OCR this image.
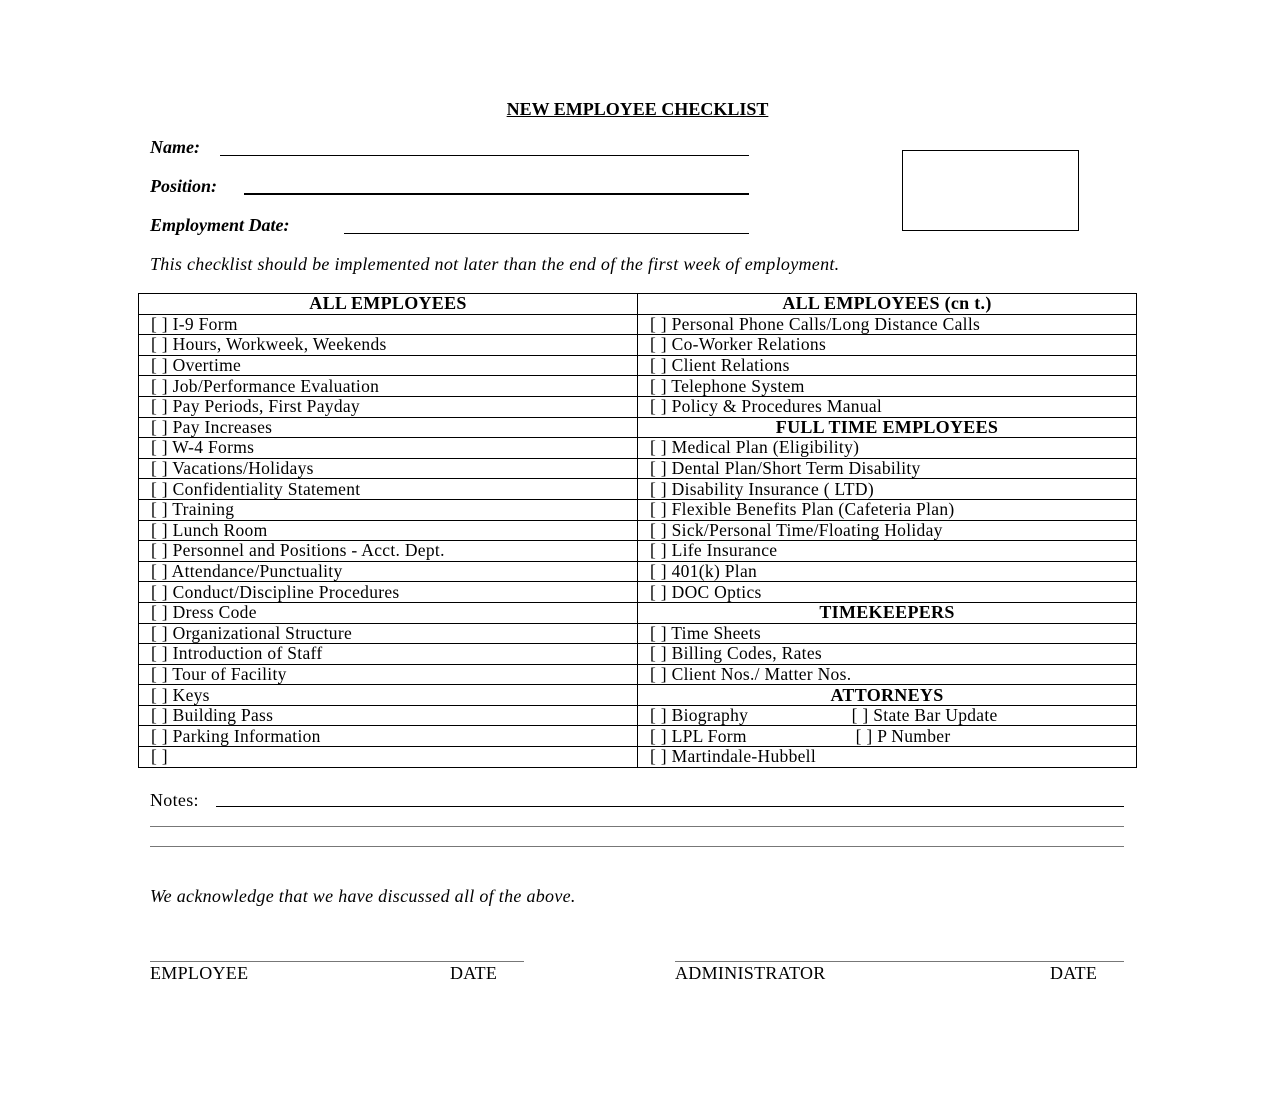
NEW EMPLOYEE CHECKLIST
Name:
Position:
Employment Date:
This checklist should be implemented not later than the end of the first week of employment.
ALL EMPLOYEES	ALL EMPLOYEES (cn t.)
[ ] I-9 Form	[ ] Personal Phone Calls/Long Distance Calls
[ ] Hours, Workweek, Weekends	[ ] Co-Worker Relations
[ ] Overtime	[ ] Client Relations
[ ] Job/Performance Evaluation	[ ] Telephone System
[ ] Pay Periods, First Payday	[ ] Policy & Procedures Manual
[ ] Pay Increases	FULL TIME EMPLOYEES
[ ] W-4 Forms	[ ] Medical Plan (Eligibility)
[ ] Vacations/Holidays	[ ] Dental Plan/Short Term Disability
[ ] Confidentiality Statement	[ ] Disability Insurance ( LTD)
[ ] Training	[ ] Flexible Benefits Plan (Cafeteria Plan)
[ ] Lunch Room	[ ] Sick/Personal Time/Floating Holiday
[ ] Personnel and Positions - Acct. Dept.	[ ] Life Insurance
[ ] Attendance/Punctuality	[ ] 401(k) Plan
[ ] Conduct/Discipline Procedures	[ ] DOC Optics
[ ] Dress Code	TIMEKEEPERS
[ ] Organizational Structure	[ ] Time Sheets
[ ] Introduction of Staff	[ ] Billing Codes, Rates
[ ] Tour of Facility	[ ] Client Nos./ Matter Nos.
[ ] Keys	ATTORNEYS
[ ] Building Pass	[ ] Biography [ ] State Bar Update
[ ] Parking Information	[ ] LPL Form [ ] P Number
[ ]	[ ] Martindale-Hubbell
Notes:
We acknowledge that we have discussed all of the above.
EMPLOYEE	DATE	ADMINISTRATOR	DATE
